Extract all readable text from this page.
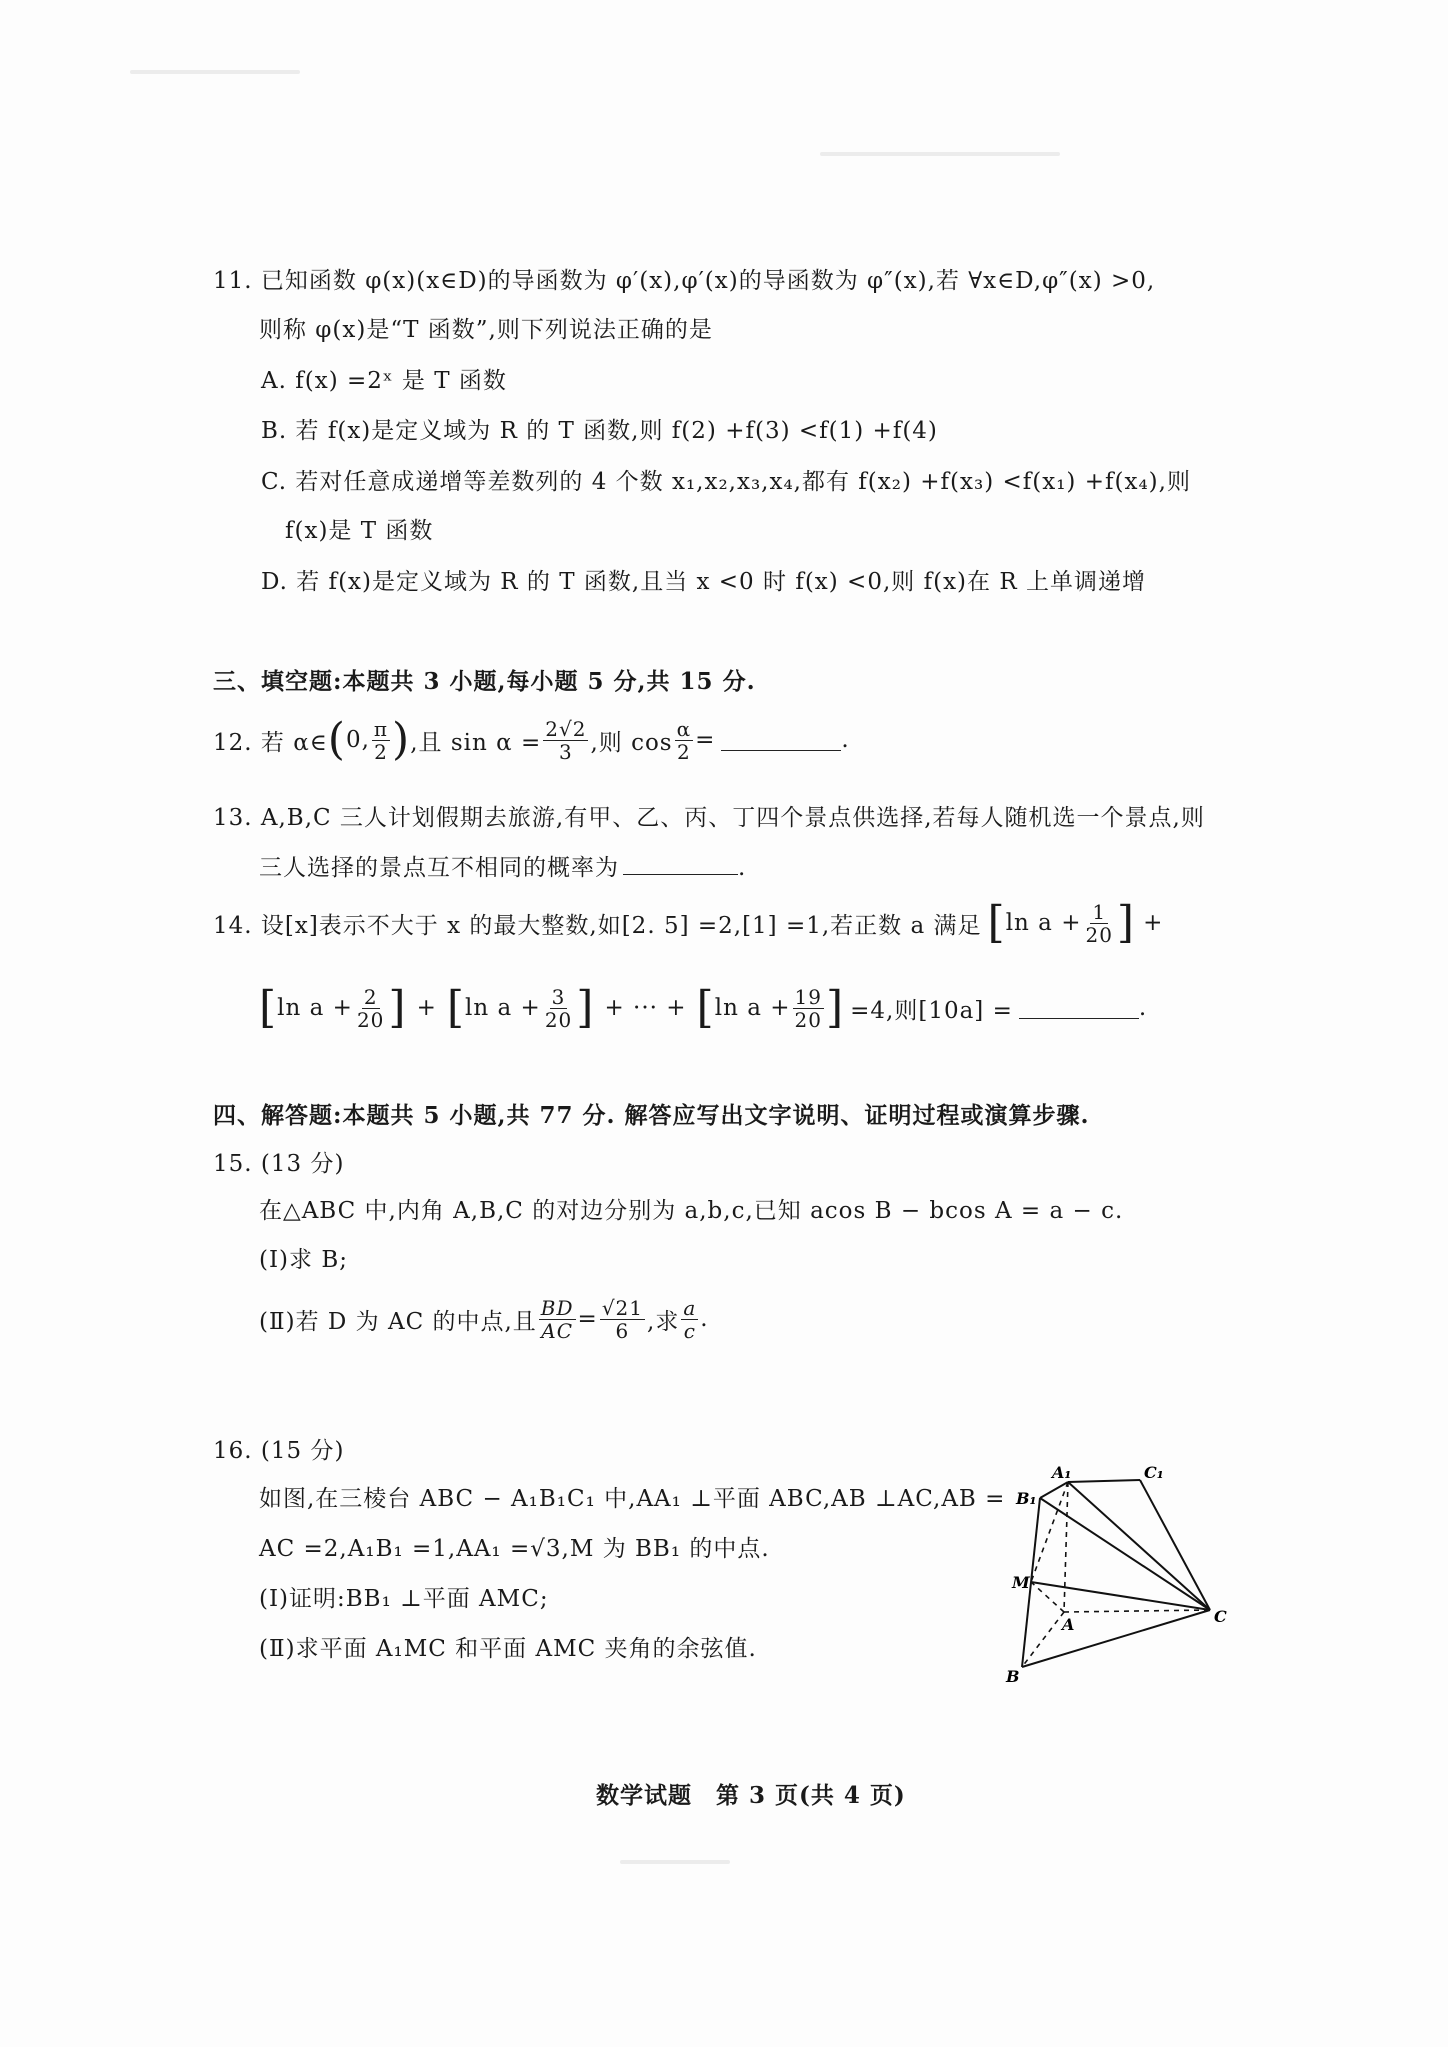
11. 已知函数 φ(x)(x∈D)的导函数为 φ′(x),φ′(x)的导函数为 φ″(x),若 ∀x∈D,φ″(x) >0,
则称 φ(x)是“T 函数”,则下列说法正确的是
A. f(x) =2ˣ 是 T 函数
B. 若 f(x)是定义域为 R 的 T 函数,则 f(2) +f(3) <f(1) +f(4)
C. 若对任意成递增等差数列的 4 个数 x₁,x₂,x₃,x₄,都有 f(x₂) +f(x₃) <f(x₁) +f(x₄),则
f(x)是 T 函数
D. 若 f(x)是定义域为 R 的 T 函数,且当 x <0 时 f(x) <0,则 f(x)在 R 上单调递增
三、填空题:本题共 3 小题,每小题 5 分,共 15 分.
12. 若 α∈ ( 0, $\frac{\pi}{2}$ ) ,且 $\sin \alpha = \frac{2√2}{3}$ ,则 $\cos \frac{\alpha}{2}$ =	.
13. A,B,C 三人计划假期去旅游,有甲、乙、丙、丁四个景点供选择,若每人随机选一个景点,则
三人选择的景点互不相同的概率为	.
14. 设[x]表示不大于 x 的最大整数,如[2. 5] =2,[1] =1,若正数 a 满足 [ $\ln a + \frac{1}{20}$ ] +
[ $\ln a + \frac{2}{20}$ ] + [ $\ln a + \frac{3}{20}$ ] + ··· + [ $\ln a + \frac{19}{20}$ ] =4,则[10a] =	.
四、解答题:本题共 5 小题,共 77 分. 解答应写出文字说明、证明过程或演算步骤.
15. (13 分)
在△ABC 中,内角 A,B,C 的对边分别为 a,b,c,已知 acos B − bcos A = a − c.
(Ⅰ)求 B;
(Ⅱ)若 D 为 AC 的中点,且 $\frac{BD}{AC} = \frac{√21}{6}$ ,求 $\frac{a}{c}$ .
16. (15 分)
如图,在三棱台 ABC − A₁B₁C₁ 中,AA₁ ⊥平面 ABC,AB ⊥AC,AB =
AC =2,A₁B₁ =1,AA₁ =√3,M 为 BB₁ 的中点.
(Ⅰ)证明:BB₁ ⊥平面 AMC;
(Ⅱ)求平面 A₁MC 和平面 AMC 夹角的余弦值.
A₁	C₁
B₁
M
A	C
B
数学试题　第 3 页(共 4 页)
